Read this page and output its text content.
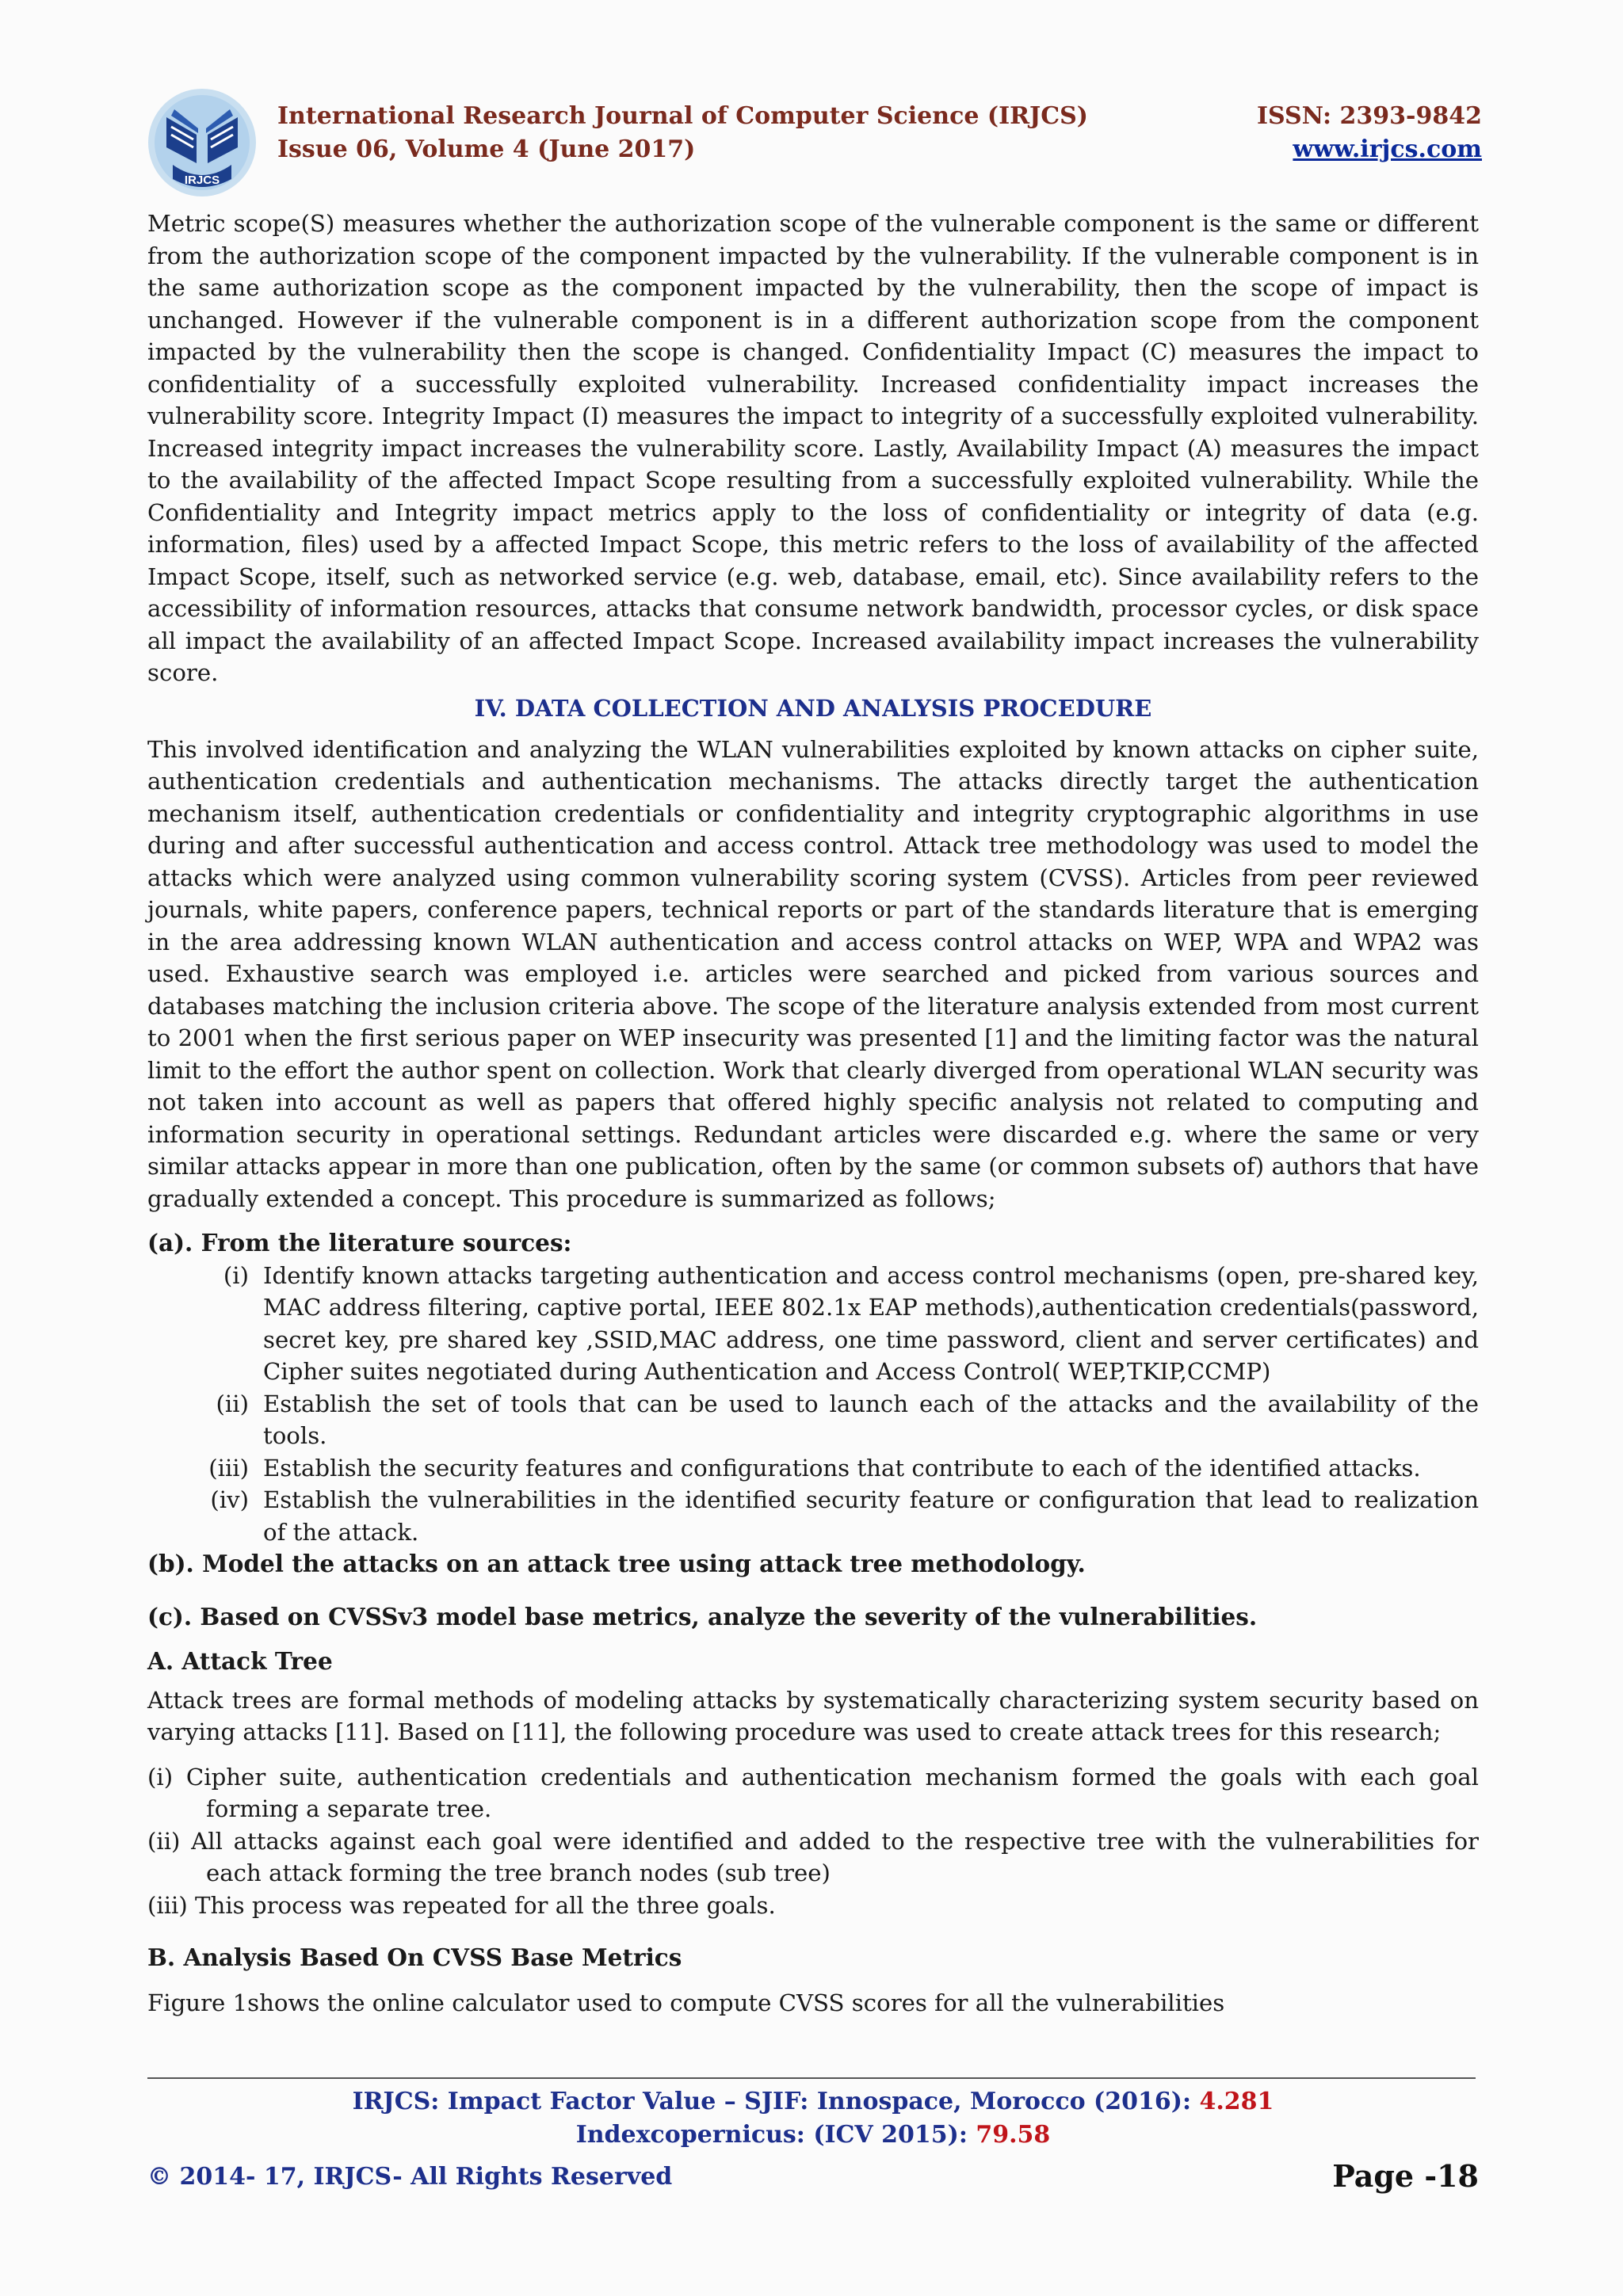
IRJCS
International Research Journal of Computer Science (IRJCS)
Issue 06, Volume 4 (June 2017)
ISSN: 2393-9842
www.irjcs.com

Metric scope(S) measures whether the authorization scope of the vulnerable component is the same or different from the authorization scope of the component impacted by the vulnerability. If the vulnerable component is in the same authorization scope as the component impacted by the vulnerability, then the scope of impact is unchanged. However if the vulnerable component is in a different authorization scope from the component impacted by the vulnerability then the scope is changed. Confidentiality Impact (C) measures the impact to confidentiality of a successfully exploited vulnerability. Increased confidentiality impact increases the vulnerability score. Integrity Impact (I) measures the impact to integrity of a successfully exploited vulnerability. Increased integrity impact increases the vulnerability score. Lastly, Availability Impact (A) measures the impact to the availability of the affected Impact Scope resulting from a successfully exploited vulnerability. While the Confidentiality and Integrity impact metrics apply to the loss of confidentiality or integrity of data (e.g. information, files) used by a affected Impact Scope, this metric refers to the loss of availability of the affected Impact Scope, itself, such as networked service (e.g. web, database, email, etc). Since availability refers to the accessibility of information resources, attacks that consume network bandwidth, processor cycles, or disk space all impact the availability of an affected Impact Scope. Increased availability impact increases the vulnerability score.

IV. DATA COLLECTION AND ANALYSIS PROCEDURE

This involved identification and analyzing the WLAN vulnerabilities exploited by known attacks on cipher suite, authentication credentials and authentication mechanisms. The attacks directly target the authentication mechanism itself, authentication credentials or confidentiality and integrity cryptographic algorithms in use during and after successful authentication and access control. Attack tree methodology was used to model the attacks which were analyzed using common vulnerability scoring system (CVSS). Articles from peer reviewed journals, white papers, conference papers, technical reports or part of the standards literature that is emerging in the area addressing known WLAN authentication and access control attacks on WEP, WPA and WPA2 was used. Exhaustive search was employed i.e. articles were searched and picked from various sources and databases matching the inclusion criteria above. The scope of the literature analysis extended from most current to 2001 when the first serious paper on WEP insecurity was presented [1] and the limiting factor was the natural limit to the effort the author spent on collection. Work that clearly diverged from operational WLAN security was not taken into account as well as papers that offered highly specific analysis not related to computing and information security in operational settings. Redundant articles were discarded e.g. where the same or very similar attacks appear in more than one publication, often by the same (or common subsets of) authors that have gradually extended a concept. This procedure is summarized as follows;

(a). From the literature sources:

(i) Identify known attacks targeting authentication and access control mechanisms (open, pre-shared key, MAC address filtering, captive portal, IEEE 802.1x EAP methods),authentication credentials(password, secret key, pre shared key ,SSID,MAC address, one time password, client and server certificates) and Cipher suites negotiated during Authentication and Access Control( WEP,TKIP,CCMP)
(ii) Establish the set of tools that can be used to launch each of the attacks and the availability of the tools.
(iii) Establish the security features and configurations that contribute to each of the identified attacks.
(iv) Establish the vulnerabilities in the identified security feature or configuration that lead to realization of the attack.

(b). Model the attacks on an attack tree using attack tree methodology.

(c). Based on CVSSv3 model base metrics, analyze the severity of the vulnerabilities.

A. Attack Tree

Attack trees are formal methods of modeling attacks by systematically characterizing system security based on varying attacks [11]. Based on [11], the following procedure was used to create attack trees for this research;

(i) Cipher suite, authentication credentials and authentication mechanism formed the goals with each goal forming a separate tree.
(ii) All attacks against each goal were identified and added to the respective tree with the vulnerabilities for each attack forming the tree branch nodes (sub tree)
(iii) This process was repeated for all the three goals.

B. Analysis Based On CVSS Base Metrics

Figure 1shows the online calculator used to compute CVSS scores for all the vulnerabilities

IRJCS: Impact Factor Value – SJIF: Innospace, Morocco (2016): 4.281
Indexcopernicus: (ICV 2015): 79.58
© 2014- 17, IRJCS- All Rights Reserved	Page -18
